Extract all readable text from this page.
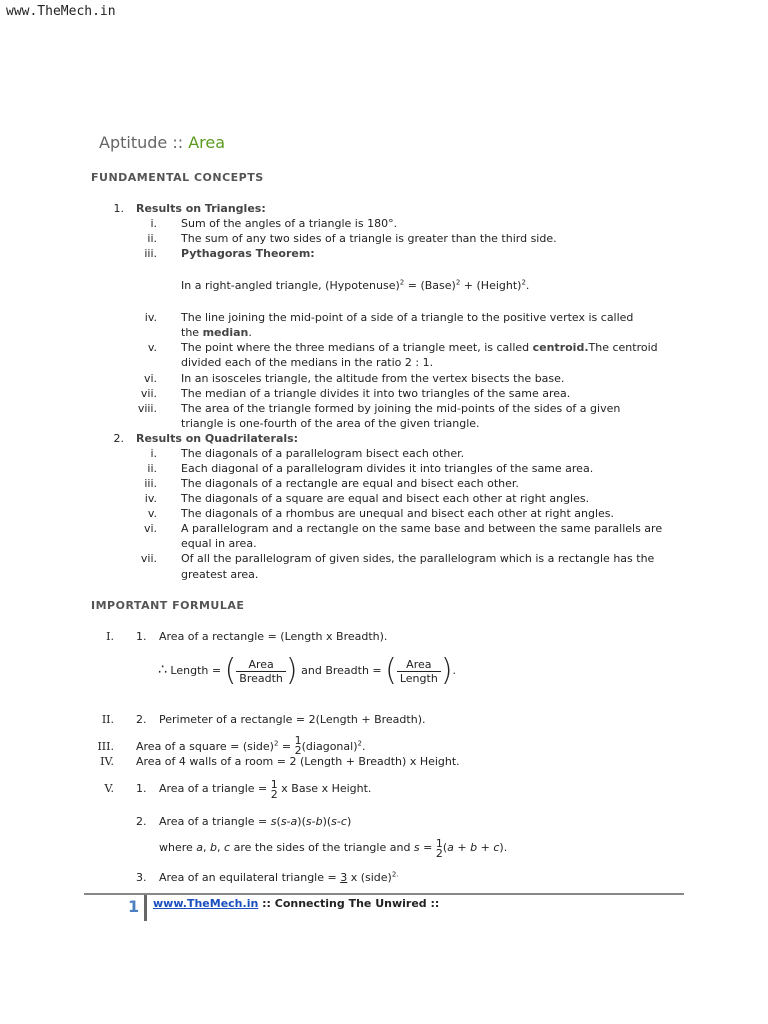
www.TheMech.in
Aptitude :: Area
FUNDAMENTAL CONCEPTS
1. Results on Triangles:
i. Sum of the angles of a triangle is 180°.
ii. The sum of any two sides of a triangle is greater than the third side.
iii. Pythagoras Theorem:
In a right-angled triangle, (Hypotenuse)$^2$ = (Base)$^2$ + (Height)$^2$.
iv. The line joining the mid-point of a side of a triangle to the positive vertex is called
the median.
v. The point where the three medians of a triangle meet, is called centroid.The centroid
divided each of the medians in the ratio 2 : 1.
vi. In an isosceles triangle, the altitude from the vertex bisects the base.
vii. The median of a triangle divides it into two triangles of the same area.
viii. The area of the triangle formed by joining the mid-points of the sides of a given
triangle is one-fourth of the area of the given triangle.
2. Results on Quadrilaterals:
i. The diagonals of a parallelogram bisect each other.
ii. Each diagonal of a parallelogram divides it into triangles of the same area.
iii. The diagonals of a rectangle are equal and bisect each other.
iv. The diagonals of a square are equal and bisect each other at right angles.
v. The diagonals of a rhombus are unequal and bisect each other at right angles.
vi. A parallelogram and a rectangle on the same base and between the same parallels are
equal in area.
vii. Of all the parallelogram of given sides, the parallelogram which is a rectangle has the
greatest area.
IMPORTANT FORMULAE
I. 1. Area of a rectangle = (Length x Breadth).
∴ Length = ( $\frac{\text{Area}}{\text{Breadth}}$ ) and Breadth = ( $\frac{\text{Area}}{\text{Length}}$ ).
II. 2. Perimeter of a rectangle = 2(Length + Breadth).
III. Area of a square = (side)$^2$ = 1
2 (diagonal)$^2$.
IV. Area of 4 walls of a room = 2 (Length + Breadth) x Height.
V. 1. Area of a triangle = 1
2 x Base x Height.
2. Area of a triangle = s(s-a)(s-b)(s-c)
where a, b, c are the sides of the triangle and s = 1
2 (a + b + c).
3. Area of an equilateral triangle = 3 x (side)$^{2.}$
1 www.TheMech.in :: Connecting The Unwired ::
